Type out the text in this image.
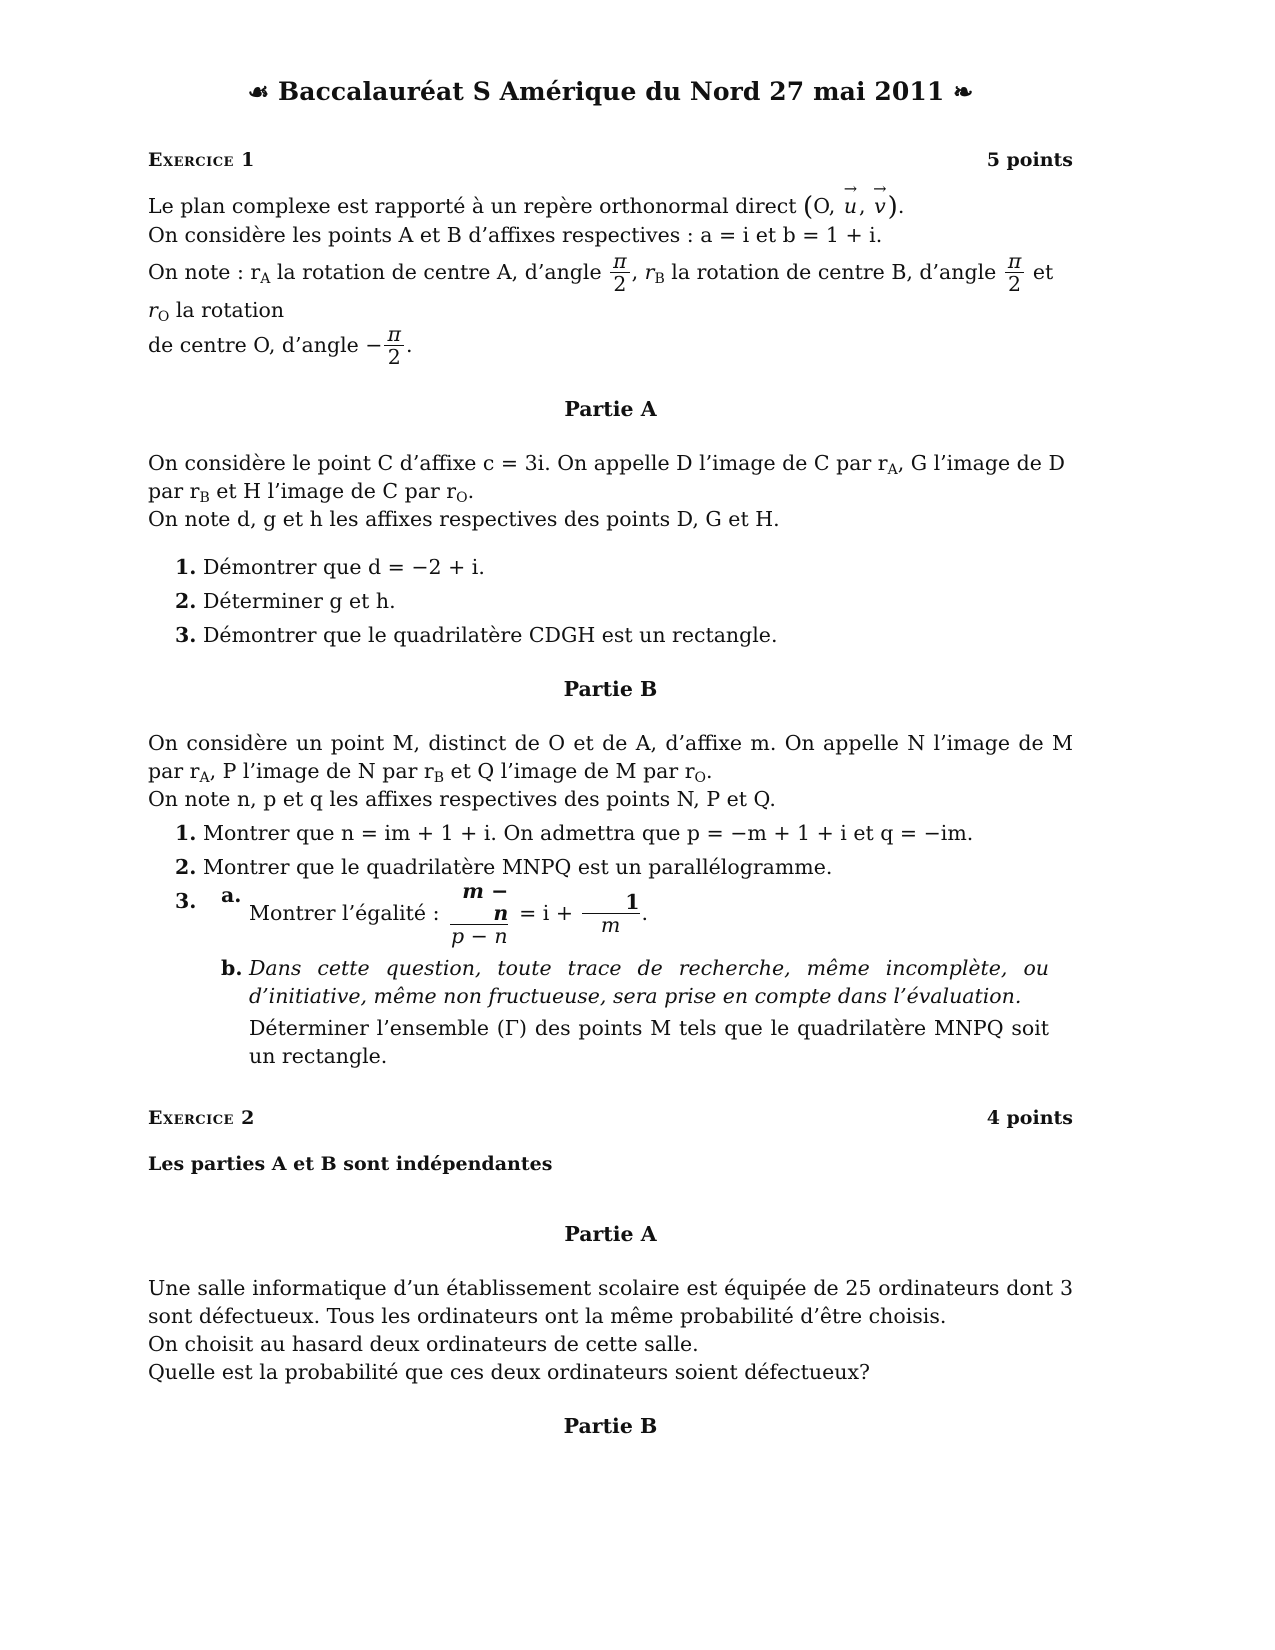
☙ Baccalauréat S Amérique du Nord 27 mai 2011 ❧
Exercice 1	5 points

Le plan complexe est rapporté à un repère orthonormal direct (O, → u, → v).

On considère les points A et B d’affixes respectives : a = i et b = 1 + i.

On note : $r_A$ la rotation de centre A, d’angle $\frac{\pi}{2}$ , $r_B$ la rotation de centre B, d’angle $\frac{\pi}{2}$ et $r_O$ la rotation

de centre O, d’angle − $\frac{\pi}{2}$ .

Partie A

On considère le point C d’affixe c = 3i. On appelle D l’image de C par $r_A$, G l’image de D par $r_B$ et H l’image de C par $r_O$.

On note d, g et h les affixes respectives des points D, G et H.

1. Démontrer que d = −2 + i.
2. Déterminer g et h.
3. Démontrer que le quadrilatère CDGH est un rectangle.
Partie B

On considère un point M, distinct de O et de A, d’affixe m. On appelle N l’image de M par $r_A$, P l’image de N par $r_B$ et Q l’image de M par $r_O$.

On note n, p et q les affixes respectives des points N, P et Q.

1. Montrer que n = im + 1 + i. On admettra que p = −m + 1 + i et q = −im.
2. Montrer que le quadrilatère MNPQ est un parallélogramme.
3.	a.
Montrer l’égalité : $\frac{m - n}{p - n} = i + \frac{1}{m}$ .
b. Dans cette question, toute trace de recherche, même incomplète, ou d’initiative, même non fructueuse, sera prise en compte dans l’évaluation.

Déterminer l’ensemble (Γ) des points M tels que le quadrilatère MNPQ soit un rectangle.

Exercice 2	4 points

Les parties A et B sont indépendantes

Partie A

Une salle informatique d’un établissement scolaire est équipée de 25 ordinateurs dont 3 sont défectueux. Tous les ordinateurs ont la même probabilité d’être choisis.

On choisit au hasard deux ordinateurs de cette salle.

Quelle est la probabilité que ces deux ordinateurs soient défectueux?

Partie B
